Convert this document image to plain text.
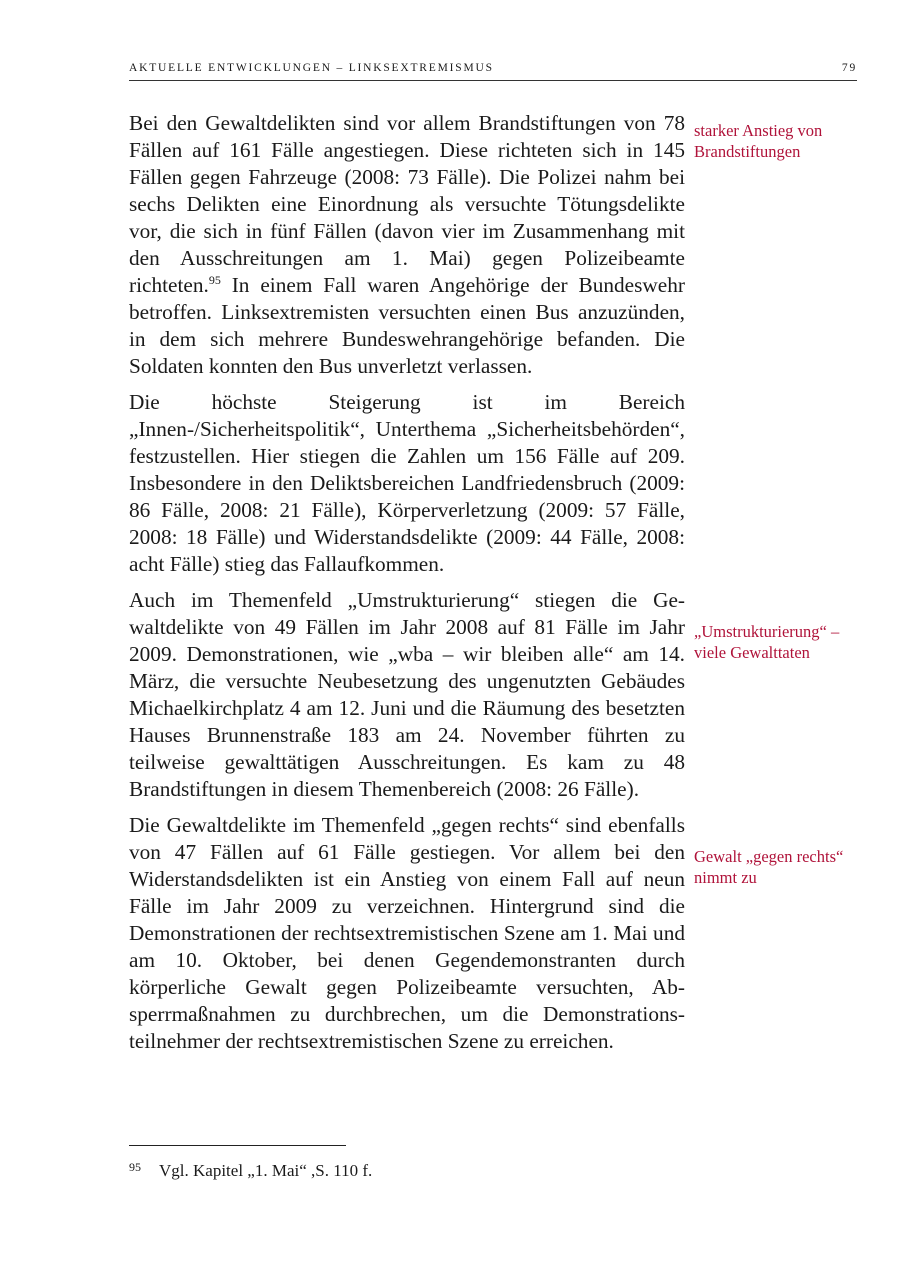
AKTUELLE ENTWICKLUNGEN – LINKSEXTREMISMUS	79

Bei den Gewaltdelikten sind vor allem Brandstiftungen von 78 Fällen auf 161 Fälle angestiegen. Diese richteten sich in 145 Fällen gegen Fahrzeuge (2008: 73 Fälle). Die Polizei nahm bei sechs Delikten eine Einordnung als versuchte Tötungsdelikte vor, die sich in fünf Fällen (davon vier im Zusammenhang mit den Ausschreitungen am 1. Mai) gegen Polizeibeamte richteten.$^{95}$ In einem Fall waren Angehörige der Bundeswehr betroffen. Linksextremisten versuchten einen Bus anzuzünden, in dem sich mehrere Bundeswehrangehörige befanden. Die Soldaten konnten den Bus unverletzt verlassen.

Die höchste Steigerung ist im Bereich „Innen-/Sicherheitspolitik“, Unterthema „Sicherheitsbehörden“, festzustellen. Hier stiegen die Zahlen um 156 Fälle auf 209. Insbesondere in den Deliktsbereichen Landfriedensbruch (2009: 86 Fälle, 2008: 21 Fälle), Körperverletzung (2009: 57 Fälle, 2008: 18 Fälle) und Widerstandsdelikte (2009: 44 Fälle, 2008: acht Fälle) stieg das Fallaufkommen.

Auch im Themenfeld „Umstrukturierung“ stiegen die Gewaltdelikte von 49 Fällen im Jahr 2008 auf 81 Fälle im Jahr 2009. Demonstrationen, wie „wba – wir bleiben alle“ am 14. März, die versuchte Neubesetzung des ungenutzten Gebäudes Michaelkirchplatz 4 am 12. Juni und die Räumung des besetzten Hauses Brunnenstraße 183 am 24. November führten zu teilweise gewalttätigen Ausschreitungen. Es kam zu 48 Brandstiftungen in diesem Themenbereich (2008: 26 Fälle).

Die Gewaltdelikte im Themenfeld „gegen rechts“ sind ebenfalls von 47 Fällen auf 61 Fälle gestiegen. Vor allem bei den Widerstandsdelikten ist ein Anstieg von einem Fall auf neun Fälle im Jahr 2009 zu verzeichnen. Hintergrund sind die Demonstrationen der rechtsextremistischen Szene am 1. Mai und am 10. Oktober, bei denen Gegendemonstranten durch körperliche Gewalt gegen Polizeibeamte versuchten, Absperrmaßnahmen zu durchbrechen, um die Demonstrationsteilnehmer der rechtsextremistischen Szene zu erreichen.

starker Anstieg von Brandstiftungen
„Umstrukturierung“ – viele Gewalttaten
Gewalt „gegen rechts“ nimmt zu
95	Vgl. Kapitel „1. Mai“ ,S. 110 f.
